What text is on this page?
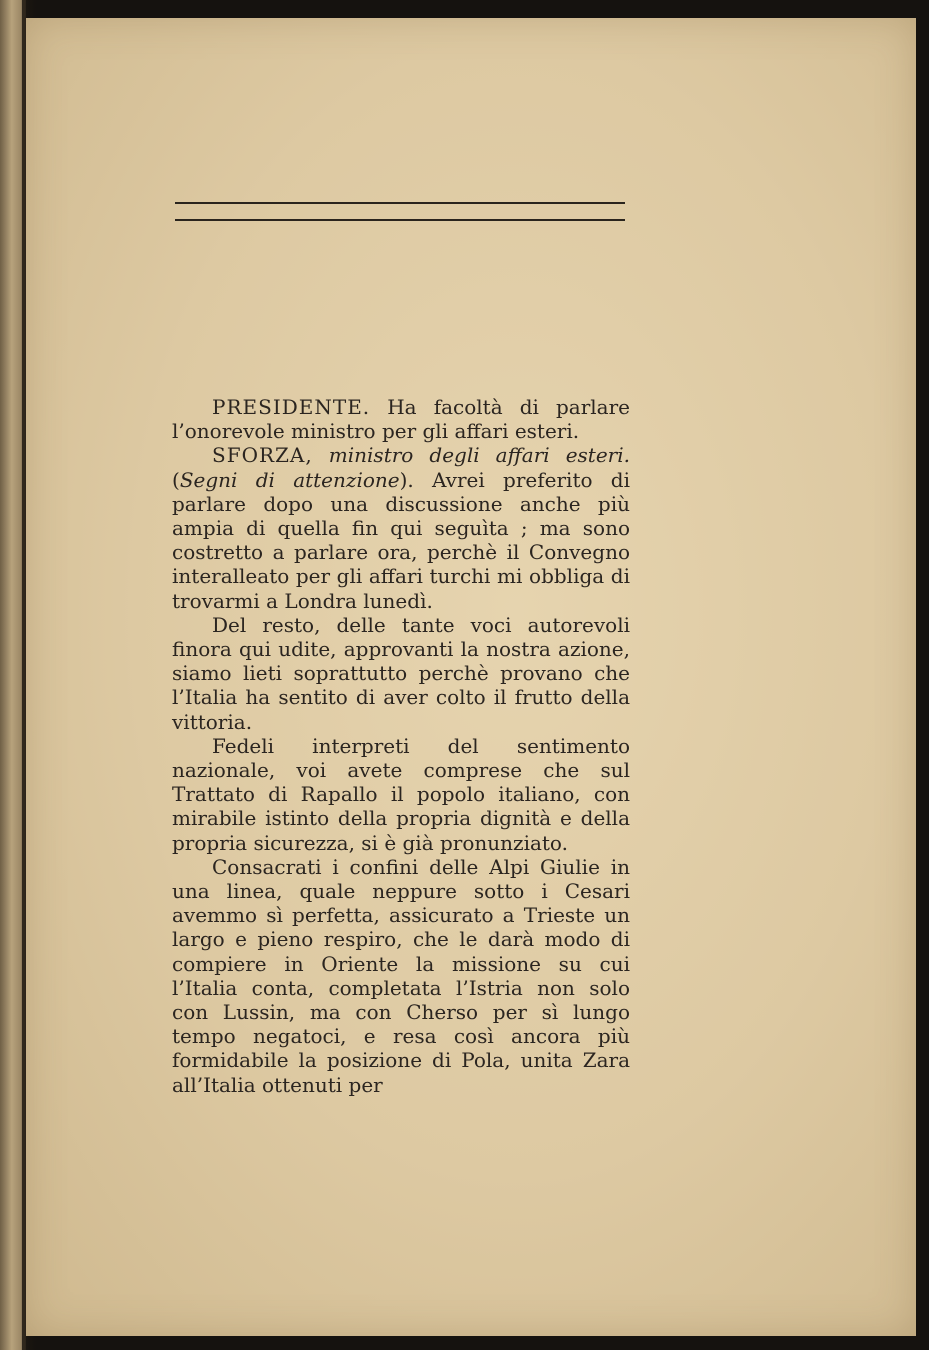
PRESIDENTE. Ha facoltà di parlare l’onorevole ministro per gli affari esteri.

SFORZA, ministro degli affari esteri. (Segni di attenzione). Avrei preferito di parlare dopo una discussione anche più ampia di quella fin qui seguìta ; ma sono costretto a parlare ora, perchè il Convegno interalleato per gli affari turchi mi obbliga di trovarmi a Londra lunedì.

Del resto, delle tante voci autorevoli finora qui udite, approvanti la nostra azione, siamo lieti soprattutto perchè provano che l’Italia ha sentito di aver colto il frutto della vittoria.

Fedeli interpreti del sentimento nazionale, voi avete comprese che sul Trattato di Rapallo il popolo italiano, con mirabile istinto della propria dignità e della propria sicurezza, si è già pronunziato.

Consacrati i confini delle Alpi Giulie in una linea, quale neppure sotto i Cesari avemmo sì perfetta, assicurato a Trieste un largo e pieno respiro, che le darà modo di compiere in Oriente la missione su cui l’Italia conta, completata l’Istria non solo con Lussin, ma con Cherso per sì lungo tempo negatoci, e resa così ancora più formidabile la posizione di Pola, unita Zara all’Italia ottenuti per
